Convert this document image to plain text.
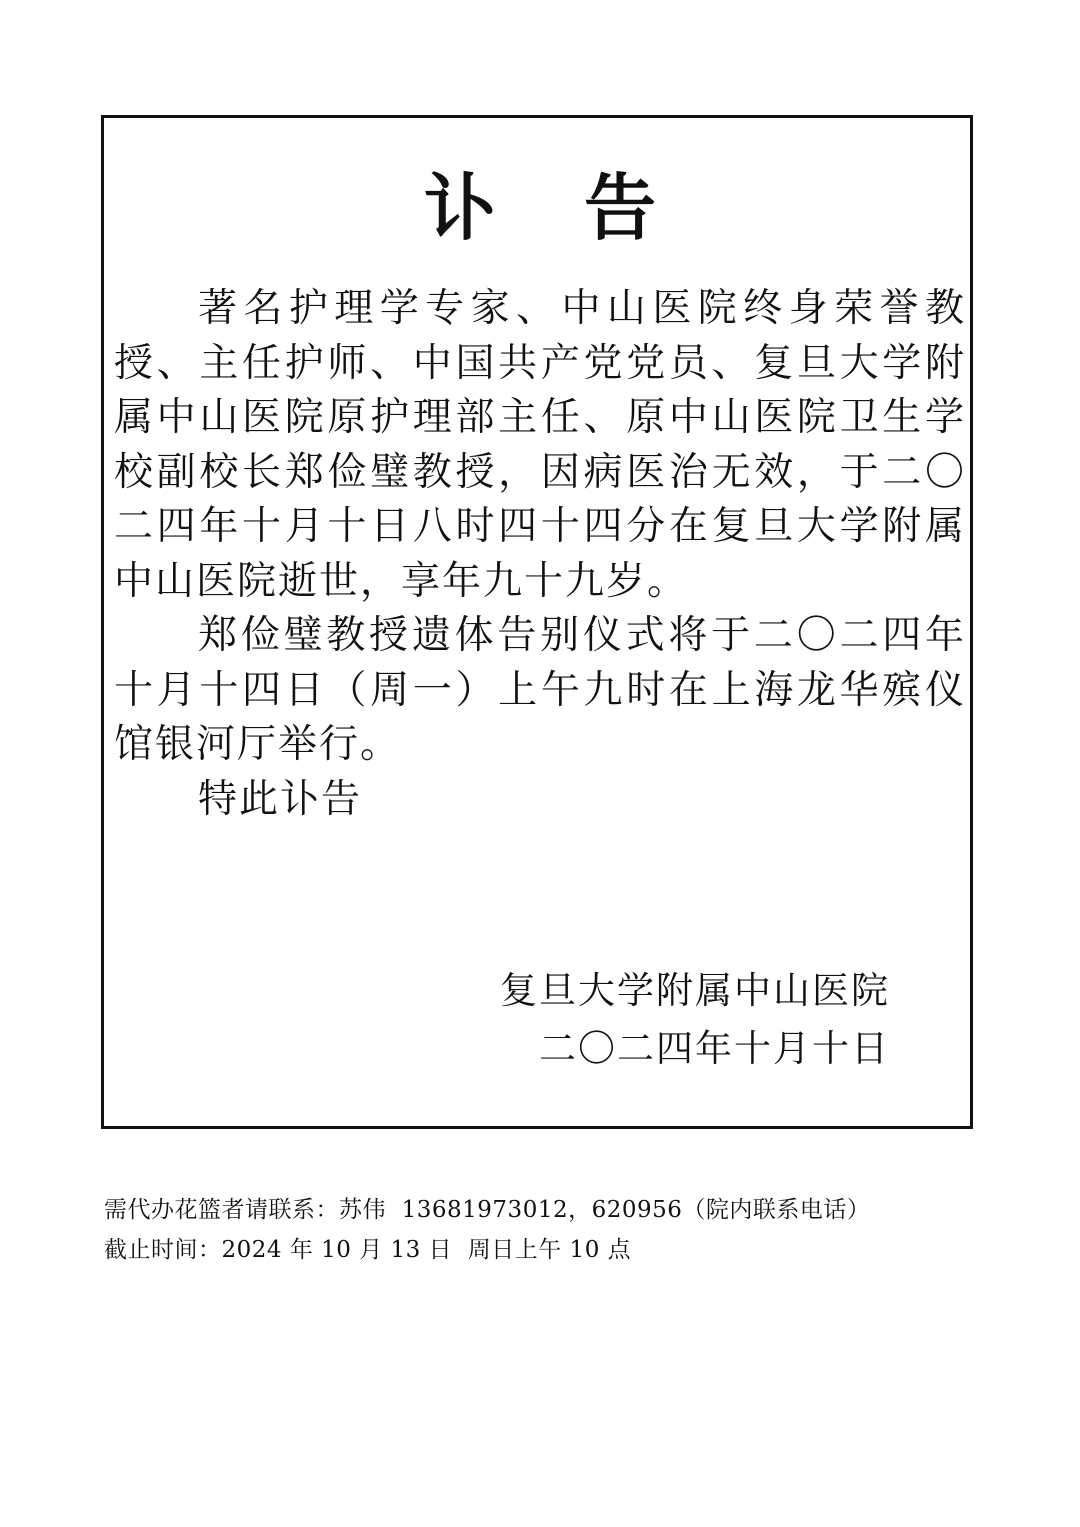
讣 告

著名护理学专家、中山医院终身荣誉教授、主任护师、中国共产党党员、复旦大学附属中山医院原护理部主任、原中山医院卫生学校副校长郑俭璧教授，因病医治无效，于二〇二四年十月十日八时四十四分在复旦大学附属中山医院逝世，享年九十九岁。

郑俭璧教授遗体告别仪式将于二〇二四年十月十四日（周一）上午九时在上海龙华殡仪馆银河厅举行。

特此讣告

复旦大学附属中山医院
二〇二四年十月十日
需代办花篮者请联系：苏伟  13681973012，620956（院内联系电话）
截止时间：2024 年 10 月 13 日  周日上午 10 点
